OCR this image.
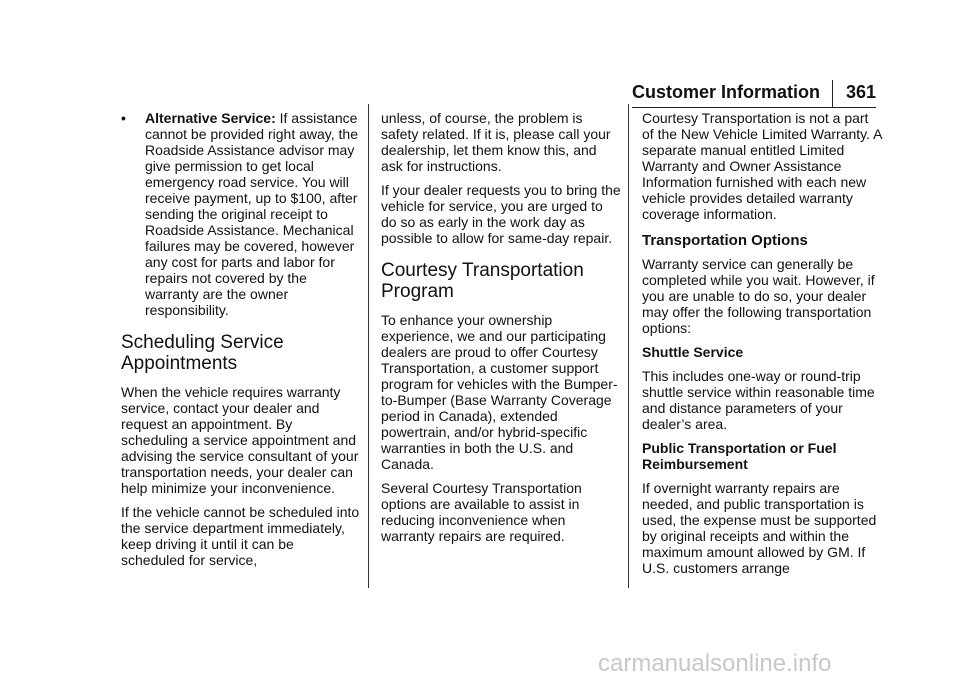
Customer Information 361
• Alternative Service: If assistance cannot be provided right away, the Roadside Assistance advisor may give permission to get local emergency road service. You will receive payment, up to $100, after sending the original receipt to Roadside Assistance. Mechanical failures may be covered, however any cost for parts and labor for repairs not covered by the warranty are the owner responsibility.
Scheduling Service Appointments

When the vehicle requires warranty service, contact your dealer and request an appointment. By scheduling a service appointment and advising the service consultant of your transportation needs, your dealer can help minimize your inconvenience.

If the vehicle cannot be scheduled into the service department immediately, keep driving it until it can be scheduled for service,

unless, of course, the problem is safety related. If it is, please call your dealership, let them know this, and ask for instructions.

If your dealer requests you to bring the vehicle for service, you are urged to do so as early in the work day as possible to allow for same-day repair.

Courtesy Transportation Program

To enhance your ownership experience, we and our participating dealers are proud to offer Courtesy Transportation, a customer support program for vehicles with the Bumper-to-Bumper (Base Warranty Coverage period in Canada), extended powertrain, and/or hybrid-specific warranties in both the U.S. and Canada.

Several Courtesy Transportation options are available to assist in reducing inconvenience when warranty repairs are required.

Courtesy Transportation is not a part of the New Vehicle Limited Warranty. A separate manual entitled Limited Warranty and Owner Assistance Information furnished with each new vehicle provides detailed warranty coverage information.

Transportation Options

Warranty service can generally be completed while you wait. However, if you are unable to do so, your dealer may offer the following transportation options:

Shuttle Service

This includes one-way or round-trip shuttle service within reasonable time and distance parameters of your dealer’s area.

Public Transportation or Fuel Reimbursement

If overnight warranty repairs are needed, and public transportation is used, the expense must be supported by original receipts and within the maximum amount allowed by GM. If U.S. customers arrange

carmanualsonline.info
